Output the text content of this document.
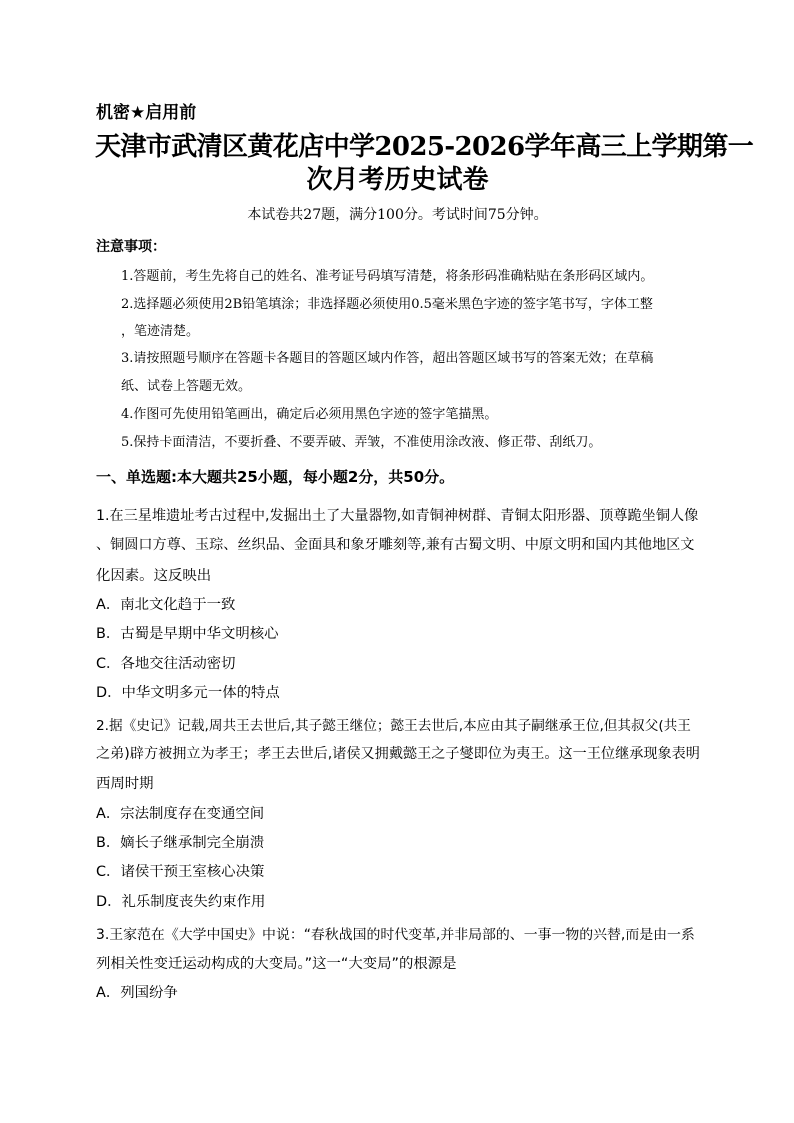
机密★启用前
天津市武清区黄花店中学2025-2026学年高三上学期第一
次月考历史试卷
本试卷共27题，满分100分。考试时间75分钟。
注意事项：
1.答题前，考生先将自己的姓名、准考证号码填写清楚，将条形码准确粘贴在条形码区域内。
2.选择题必须使用2B铅笔填涂；非选择题必须使用0.5毫米黑色字迹的签字笔书写，字体工整
，笔迹清楚。
3.请按照题号顺序在答题卡各题目的答题区域内作答，超出答题区域书写的答案无效；在草稿
纸、试卷上答题无效。
4.作图可先使用铅笔画出，确定后必须用黑色字迹的签字笔描黑。
5.保持卡面清洁，不要折叠、不要弄破、弄皱，不准使用涂改液、修正带、刮纸刀。
一、单选题:本大题共25小题，每小题2分，共50分。
1.在三星堆遗址考古过程中,发掘出土了大量器物,如青铜神树群、青铜太阳形器、顶尊跪坐铜人像
、铜圆口方尊、玉琮、丝织品、金面具和象牙雕刻等,兼有古蜀文明、中原文明和国内其他地区文
化因素。这反映出
A．南北文化趋于一致
B．古蜀是早期中华文明核心
C．各地交往活动密切
D．中华文明多元一体的特点
2.据《史记》记载,周共王去世后,其子懿王继位；懿王去世后,本应由其子嗣继承王位,但其叔父(共王
之弟)辟方被拥立为孝王；孝王去世后,诸侯又拥戴懿王之子燮即位为夷王。这一王位继承现象表明
西周时期
A．宗法制度存在变通空间
B．嫡长子继承制完全崩溃
C．诸侯干预王室核心决策
D．礼乐制度丧失约束作用
3.王家范在《大学中国史》中说：“春秋战国的时代变革,并非局部的、一事一物的兴替,而是由一系
列相关性变迁运动构成的大变局。”这一“大变局”的根源是
A．列国纷争
